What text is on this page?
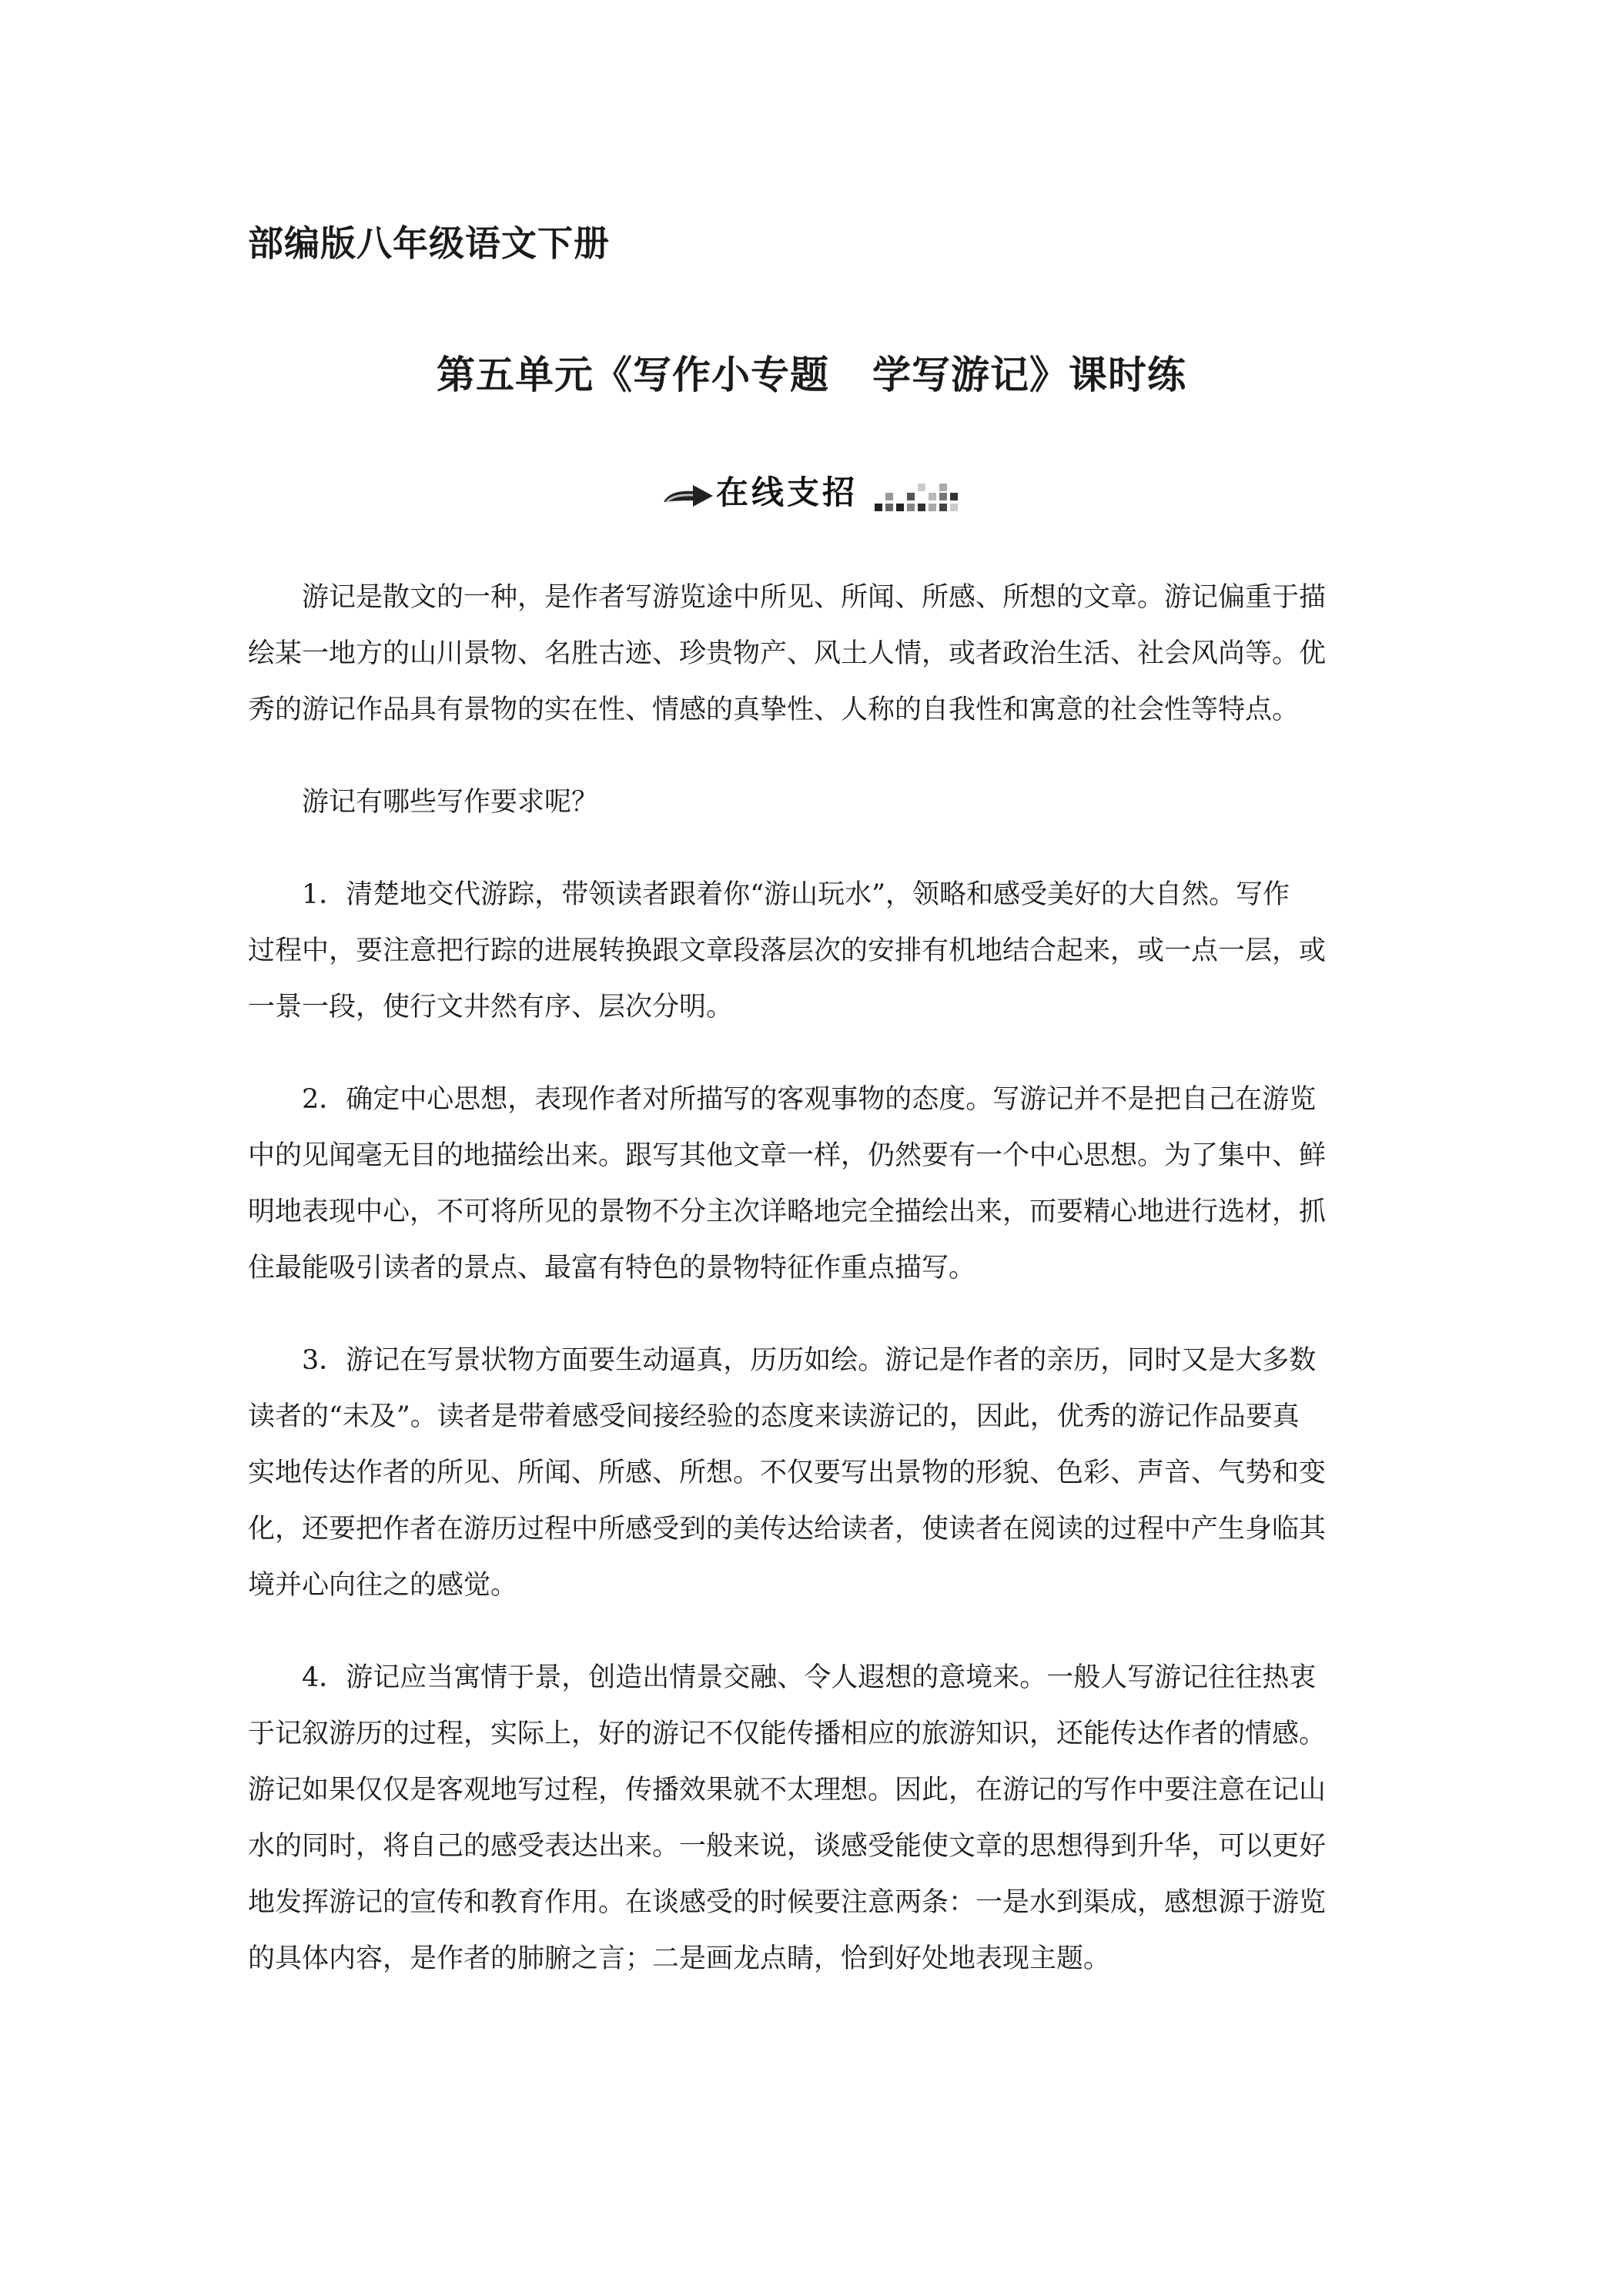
部编版八年级语文下册
第五单元《写作小专题 学写游记》课时练
在线支招
游记是散文的一种，是作者写游览途中所见、所闻、所感、所想的文章。游记偏重于描
绘某一地方的山川景物、名胜古迹、珍贵物产、风土人情，或者政治生活、社会风尚等。优
秀的游记作品具有景物的实在性、情感的真挚性、人称的自我性和寓意的社会性等特点。
游记有哪些写作要求呢？
1．清楚地交代游踪，带领读者跟着你“游山玩水”，领略和感受美好的大自然。写作
过程中，要注意把行踪的进展转换跟文章段落层次的安排有机地结合起来，或一点一层，或
一景一段，使行文井然有序、层次分明。
2．确定中心思想，表现作者对所描写的客观事物的态度。写游记并不是把自己在游览
中的见闻毫无目的地描绘出来。跟写其他文章一样，仍然要有一个中心思想。为了集中、鲜
明地表现中心，不可将所见的景物不分主次详略地完全描绘出来，而要精心地进行选材，抓
住最能吸引读者的景点、最富有特色的景物特征作重点描写。
3．游记在写景状物方面要生动逼真，历历如绘。游记是作者的亲历，同时又是大多数
读者的“未及”。读者是带着感受间接经验的态度来读游记的，因此，优秀的游记作品要真
实地传达作者的所见、所闻、所感、所想。不仅要写出景物的形貌、色彩、声音、气势和变
化，还要把作者在游历过程中所感受到的美传达给读者，使读者在阅读的过程中产生身临其
境并心向往之的感觉。
4．游记应当寓情于景，创造出情景交融、令人遐想的意境来。一般人写游记往往热衷
于记叙游历的过程，实际上，好的游记不仅能传播相应的旅游知识，还能传达作者的情感。
游记如果仅仅是客观地写过程，传播效果就不太理想。因此，在游记的写作中要注意在记山
水的同时，将自己的感受表达出来。一般来说，谈感受能使文章的思想得到升华，可以更好
地发挥游记的宣传和教育作用。在谈感受的时候要注意两条：一是水到渠成，感想源于游览
的具体内容，是作者的肺腑之言；二是画龙点睛，恰到好处地表现主题。
